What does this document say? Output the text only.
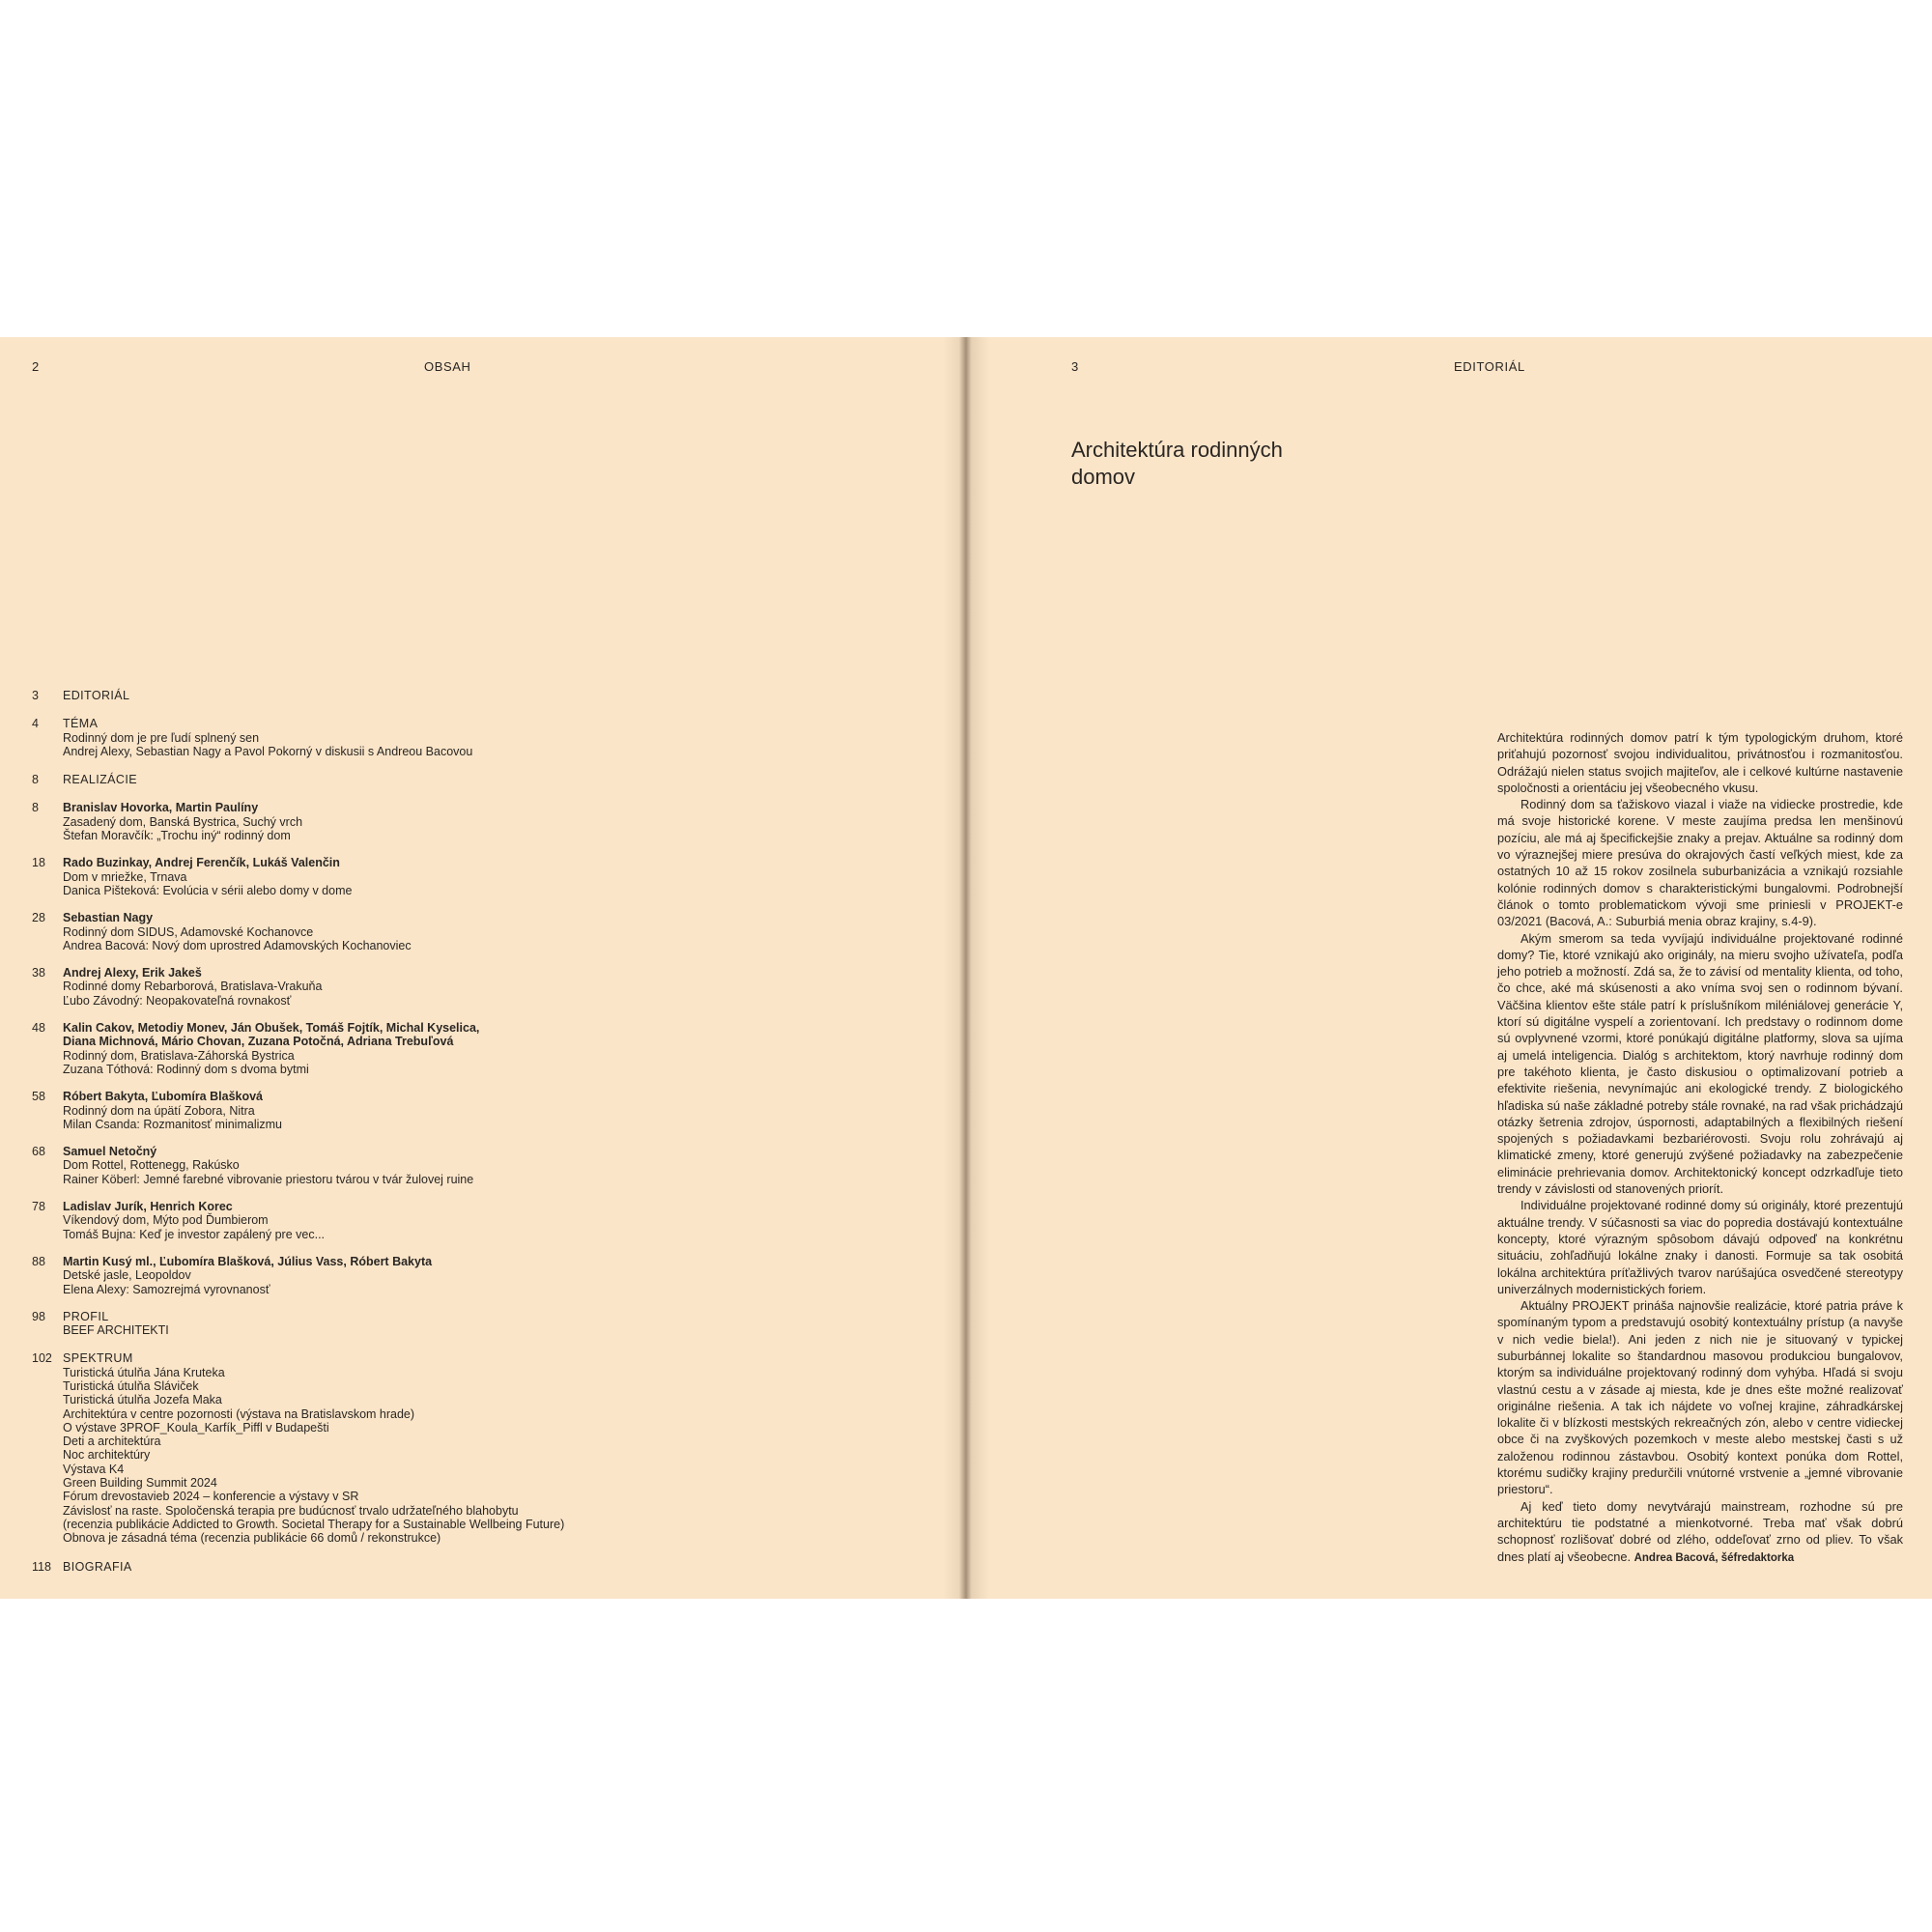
2	OBSAH
3	EDITORIÁL
4	TÉMA
Rodinný dom je pre ľudí splnený sen
Andrej Alexy, Sebastian Nagy a Pavol Pokorný v diskusii s Andreou Bacovou
8	REALIZÁCIE
8	Branislav Hovorka, Martin Paulíny
Zasadený dom, Banská Bystrica, Suchý vrch
Štefan Moravčík: „Trochu iný“ rodinný dom
18	Rado Buzinkay, Andrej Ferenčík, Lukáš Valenčin
Dom v mriežke, Trnava
Danica Pišteková: Evolúcia v sérii alebo domy v dome
28	Sebastian Nagy
Rodinný dom SIDUS, Adamovské Kochanovce
Andrea Bacová: Nový dom uprostred Adamovských Kochanoviec
38	Andrej Alexy, Erik Jakeš
Rodinné domy Rebarborová, Bratislava-Vrakuňa
Ľubo Závodný: Neopakovateľná rovnakosť
48	Kalin Cakov, Metodiy Monev, Ján Obušek, Tomáš Fojtík, Michal Kyselica,
Diana Michnová, Mário Chovan, Zuzana Potočná, Adriana Trebuľová
Rodinný dom, Bratislava-Záhorská Bystrica
Zuzana Tóthová: Rodinný dom s dvoma bytmi
58	Róbert Bakyta, Ľubomíra Blašková
Rodinný dom na úpätí Zobora, Nitra
Milan Csanda: Rozmanitosť minimalizmu
68	Samuel Netočný
Dom Rottel, Rottenegg, Rakúsko
Rainer Köberl: Jemné farebné vibrovanie priestoru tvárou v tvár žulovej ruine
78	Ladislav Jurík, Henrich Korec
Víkendový dom, Mýto pod Ďumbierom
Tomáš Bujna: Keď je investor zapálený pre vec...
88	Martin Kusý ml., Ľubomíra Blašková, Július Vass, Róbert Bakyta
Detské jasle, Leopoldov
Elena Alexy: Samozrejmá vyrovnanosť
98	PROFIL
BEEF ARCHITEKTI
102 SPEKTRUM
Turistická útulňa Jána Kruteka
Turistická útulňa Sláviček
Turistická útulňa Jozefa Maka
Architektúra v centre pozornosti (výstava na Bratislavskom hrade)
O výstave 3PROF_Koula_Karfík_Piffl v Budapešti
Deti a architektúra
Noc architektúry
Výstava K4
Green Building Summit 2024
Fórum drevostavieb 2024 – konferencie a výstavy v SR
Závislosť na raste. Spoločenská terapia pre budúcnosť trvalo udržateľného blahobytu
(recenzia publikácie Addicted to Growth. Societal Therapy for a Sustainable Wellbeing Future)
Obnova je zásadná téma (recenzia publikácie 66 domů / rekonstrukce)
118 BIOGRAFIA
3	EDITORIÁL
Architektúra rodinných
domov

Architektúra rodinných domov patrí k tým typologickým druhom, ktoré priťahujú pozornosť svojou individualitou, privátnosťou i rozmanitosťou. Odrážajú nielen status svojich majiteľov, ale i celkové kultúrne nastavenie spoločnosti a orientáciu jej všeobecného vkusu.

Rodinný dom sa ťažiskovo viazal i viaže na vidiecke prostredie, kde má svoje historické korene. V meste zaujíma predsa len menšinovú pozíciu, ale má aj špecifickejšie znaky a prejav. Aktuálne sa rodinný dom vo výraznejšej miere presúva do okrajových častí veľkých miest, kde za ostatných 10 až 15 rokov zosilnela suburbanizácia a vznikajú rozsiahle kolónie rodinných domov s charakteristickými bungalovmi. Podrobnejší článok o tomto problematickom vývoji sme priniesli v PROJEKT-e 03/2021 (Bacová, A.: Suburbiá menia obraz krajiny, s.4-9).

Akým smerom sa teda vyvíjajú individuálne projektované rodinné domy? Tie, ktoré vznikajú ako originály, na mieru svojho užívateľa, podľa jeho potrieb a možností. Zdá sa, že to závisí od mentality klienta, od toho, čo chce, aké má skúsenosti a ako vníma svoj sen o rodinnom bývaní. Väčšina klientov ešte stále patrí k príslušníkom miléniálovej generácie Y, ktorí sú digitálne vyspelí a zorientovaní. Ich predstavy o rodinnom dome sú ovplyvnené vzormi, ktoré ponúkajú digitálne platformy, slova sa ujíma aj umelá inteligencia. Dialóg s architektom, ktorý navrhuje rodinný dom pre takéhoto klienta, je často diskusiou o optimalizovaní potrieb a efektivite riešenia, nevynímajúc ani ekologické trendy. Z biologického hľadiska sú naše základné potreby stále rovnaké, na rad však prichádzajú otázky šetrenia zdrojov, úspornosti, adaptabilných a flexibilných riešení spojených s požiadavkami bezbariérovosti. Svoju rolu zohrávajú aj klimatické zmeny, ktoré generujú zvýšené požiadavky na zabezpečenie eliminácie prehrievania domov. Architektonický koncept odzrkadľuje tieto trendy v závislosti od stanovených priorít.

Individuálne projektované rodinné domy sú originály, ktoré prezentujú aktuálne trendy. V súčasnosti sa viac do popredia dostávajú kontextuálne koncepty, ktoré výrazným spôsobom dávajú odpoveď na konkrétnu situáciu, zohľadňujú lokálne znaky i danosti. Formuje sa tak osobitá lokálna architektúra príťažlivých tvarov narúšajúca osvedčené stereotypy univerzálnych modernistických foriem.

Aktuálny PROJEKT prináša najnovšie realizácie, ktoré patria práve k spomínaným typom a predstavujú osobitý kontextuálny prístup (a navyše v nich vedie biela!). Ani jeden z nich nie je situovaný v typickej suburbánnej lokalite so štandardnou masovou produkciou bungalovov, ktorým sa individuálne projektovaný rodinný dom vyhýba. Hľadá si svoju vlastnú cestu a v zásade aj miesta, kde je dnes ešte možné realizovať originálne riešenia. A tak ich nájdete vo voľnej krajine, záhradkárskej lokalite či v blízkosti mestských rekreačných zón, alebo v centre vidieckej obce či na zvyškových pozemkoch v meste alebo mestskej časti s už založenou rodinnou zástavbou. Osobitý kontext ponúka dom Rottel, ktorému sudičky krajiny predurčili vnútorné vrstvenie a „jemné vibrovanie priestoru“.

Aj keď tieto domy nevytvárajú mainstream, rozhodne sú pre architektúru tie podstatné a mienkotvorné. Treba mať však dobrú schopnosť rozlišovať dobré od zlého, oddeľovať zrno od pliev. To však dnes platí aj všeobecne. Andrea Bacová, šéfredaktorka
